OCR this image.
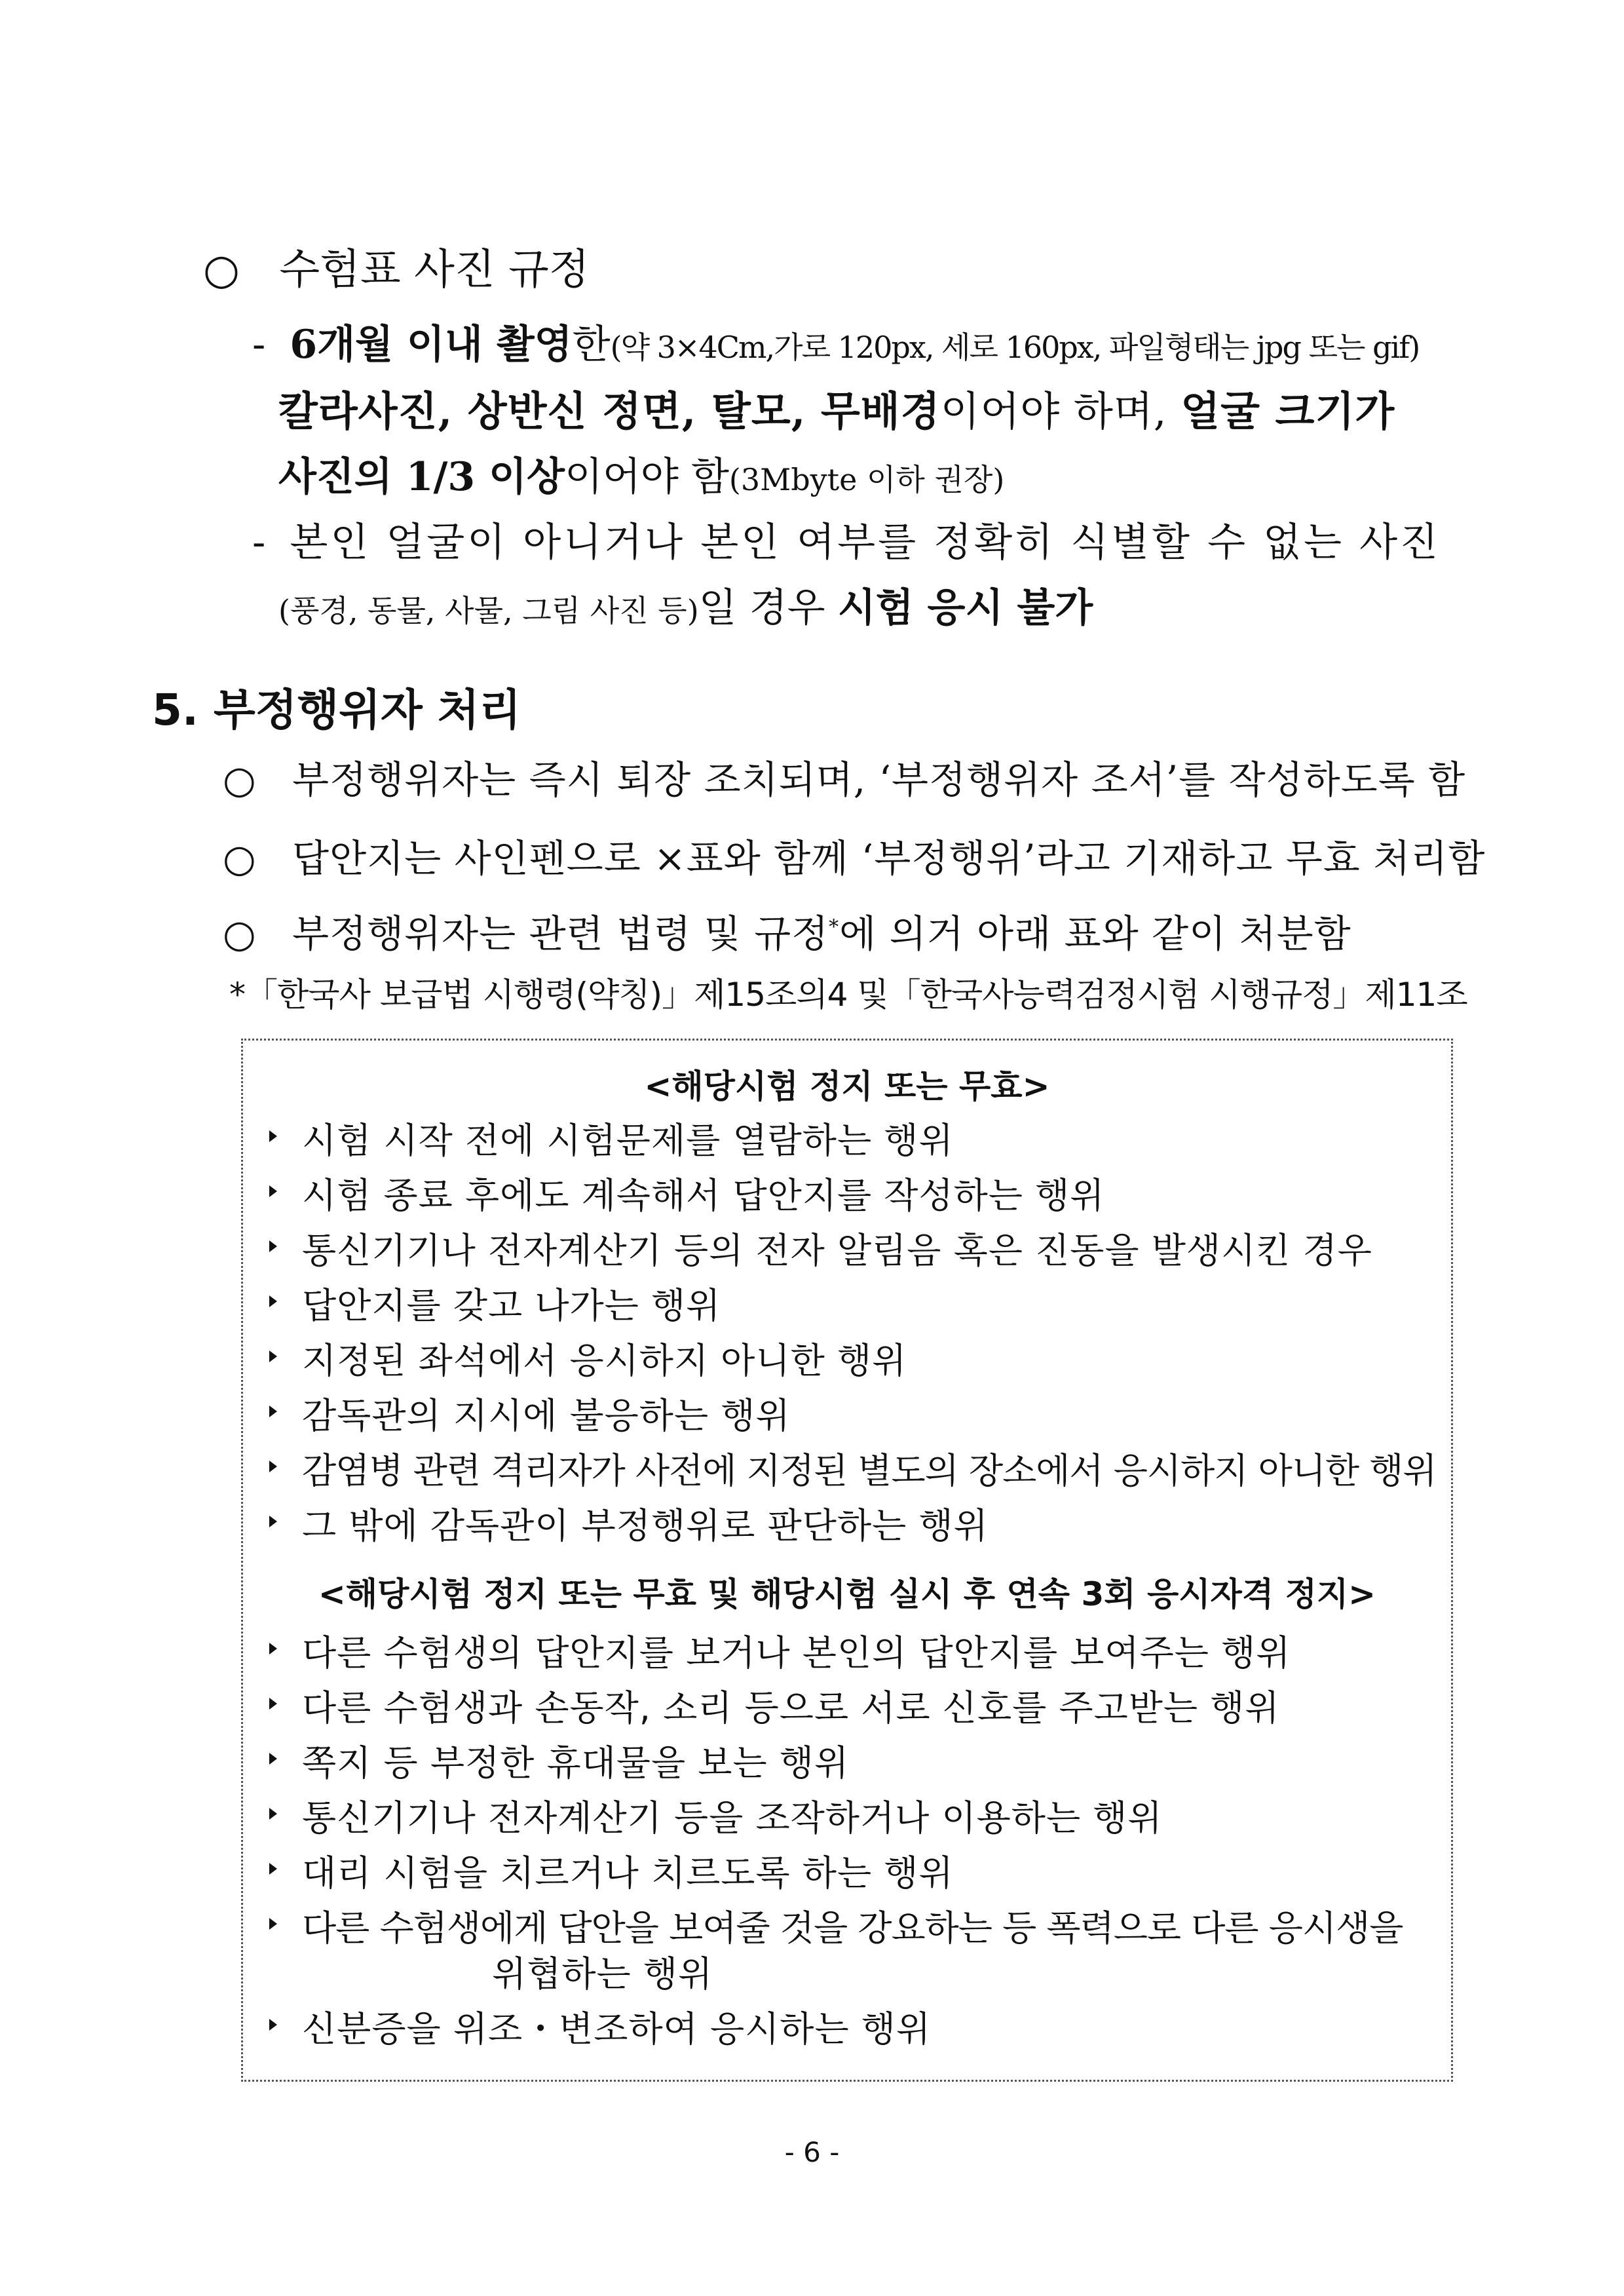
○ 수험표 사진 규정
- 6개월 이내 촬영한(약 3×4Cm,가로 120px, 세로 160px, 파일형태는 jpg 또는 gif)
칼라사진, 상반신 정면, 탈모, 무배경이어야 하며, 얼굴 크기가
사진의 1/3 이상이어야 함(3Mbyte 이하 권장)
- 본인 얼굴이 아니거나 본인 여부를 정확히 식별할 수 없는 사진
(풍경, 동물, 사물, 그림 사진 등)일 경우 시험 응시 불가
5. 부정행위자 처리
○ 부정행위자는 즉시 퇴장 조치되며, ‘부정행위자 조서’를 작성하도록 함
○ 답안지는 사인펜으로 ×표와 함께 ‘부정행위’라고 기재하고 무효 처리함
○ 부정행위자는 관련 법령 및 규정*에 의거 아래 표와 같이 처분함
*「한국사 보급법 시행령(약칭)」제15조의4 및「한국사능력검정시험 시행규정」제11조
<해당시험 정지 또는 무효>
시험 시작 전에 시험문제를 열람하는 행위
시험 종료 후에도 계속해서 답안지를 작성하는 행위
통신기기나 전자계산기 등의 전자 알림음 혹은 진동을 발생시킨 경우
답안지를 갖고 나가는 행위
지정된 좌석에서 응시하지 아니한 행위
감독관의 지시에 불응하는 행위
감염병 관련 격리자가 사전에 지정된 별도의 장소에서 응시하지 아니한 행위
그 밖에 감독관이 부정행위로 판단하는 행위
<해당시험 정지 또는 무효 및 해당시험 실시 후 연속 3회 응시자격 정지>
다른 수험생의 답안지를 보거나 본인의 답안지를 보여주는 행위
다른 수험생과 손동작, 소리 등으로 서로 신호를 주고받는 행위
쪽지 등 부정한 휴대물을 보는 행위
통신기기나 전자계산기 등을 조작하거나 이용하는 행위
대리 시험을 치르거나 치르도록 하는 행위
다른 수험생에게 답안을 보여줄 것을 강요하는 등 폭력으로 다른 응시생을
위협하는 행위
신분증을 위조・변조하여 응시하는 행위
- 6 -
